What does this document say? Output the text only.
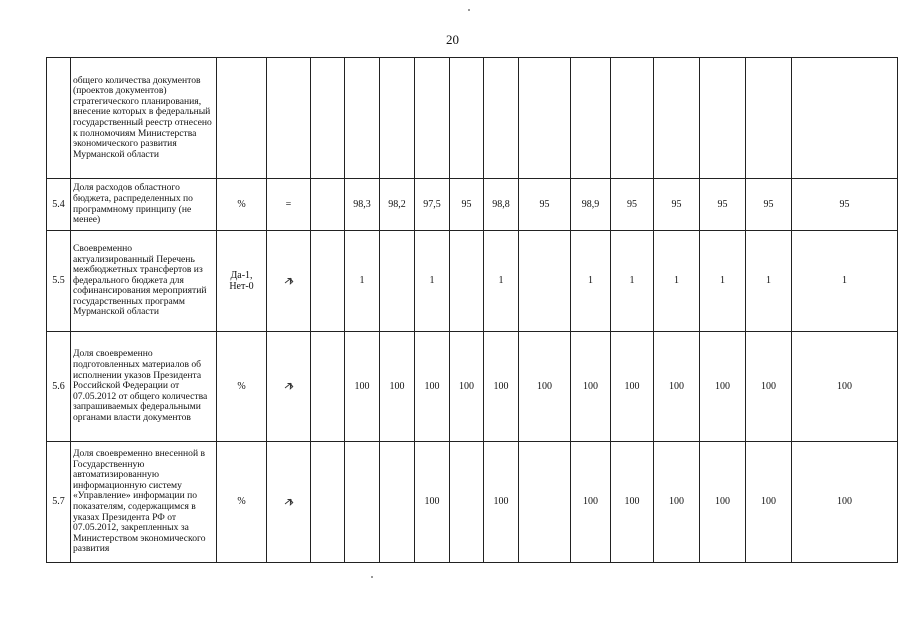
20
	общего количества документов (проектов документов) стратегического планирования, внесение которых в федеральный государственный реестр отнесено к полномочиям Министерства экономического развития Мурманской области																
5.4	Доля расходов областного бюджета, распределенных по программному принципу (не менее)	%	=		98,3	98,2	97,5	95	98,8	95	98,9	95	95	95	95	95	
5.5	Своевременно актуализированный Перечень межбюджетных трансфертов из федерального бюджета для софинансирования мероприятий государственных программ Мурманской области	Да-1, Нет-0			1		1		1		1	1	1	1	1	1	
5.6	Доля своевременно подготовленных материалов об исполнении указов Президента Российской Федерации от 07.05.2012 от общего количества запрашиваемых федеральными органами власти документов	%			100	100	100	100	100	100	100	100	100	100	100	100	
5.7	Доля своевременно внесенной в Государственную автоматизированную информационную систему «Управление» информации по показателям, содержащимся в указах Президента РФ от 07.05.2012, закрепленных за Министерством экономического развития	%					100		100		100	100	100	100	100	100	
